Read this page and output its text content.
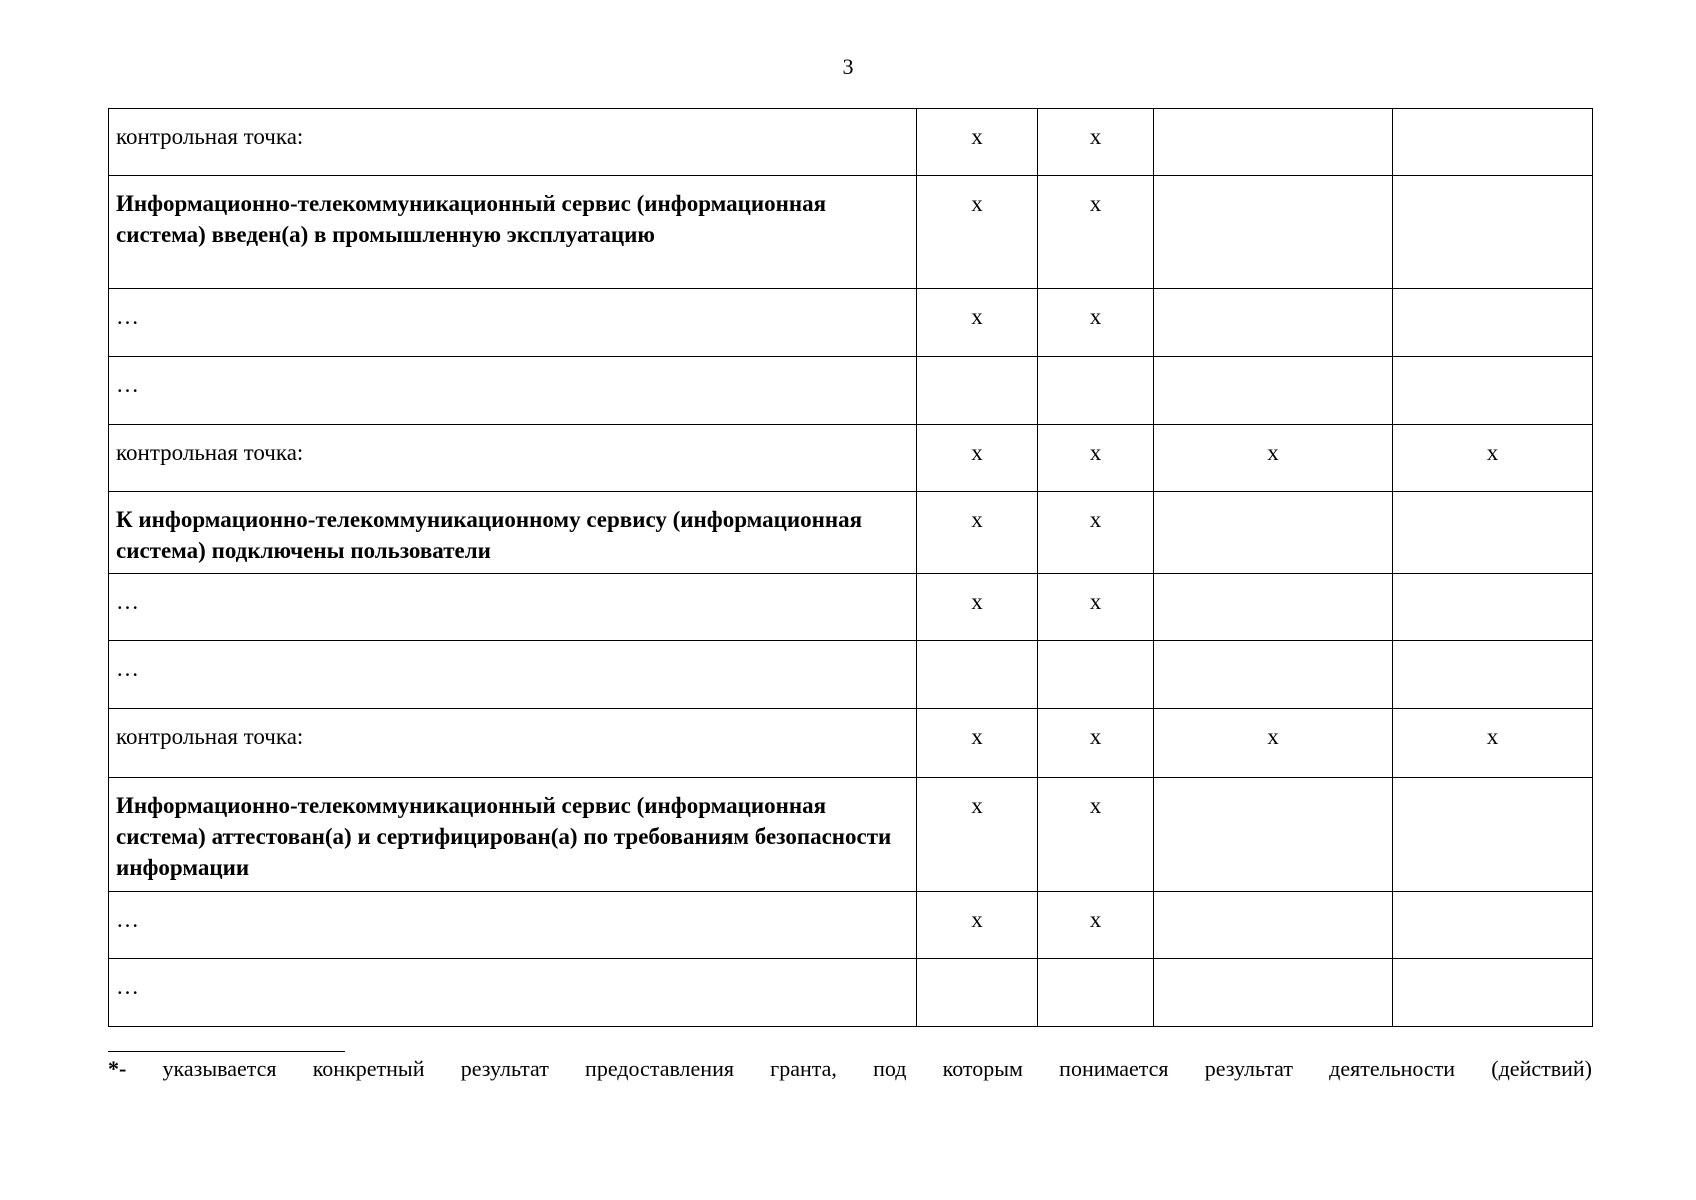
3
контрольная точка:	x	x		
Информационно-телекоммуникационный сервис (информационная система) введен(а) в промышленную эксплуатацию	x	x		
…	x	x		
…				
контрольная точка:	x	x	x	x
К информационно-телекоммуникационному сервису (информационная система) подключены пользователи	x	x		
…	x	x		
…				
контрольная точка:	x	x	x	x
Информационно-телекоммуникационный сервис (информационная система) аттестован(а) и сертифицирован(а) по требованиям безопасности информации	x	x		
…	x	x		
…				
*- указывается конкретный результат предоставления гранта, под которым понимается результат деятельности (действий)
